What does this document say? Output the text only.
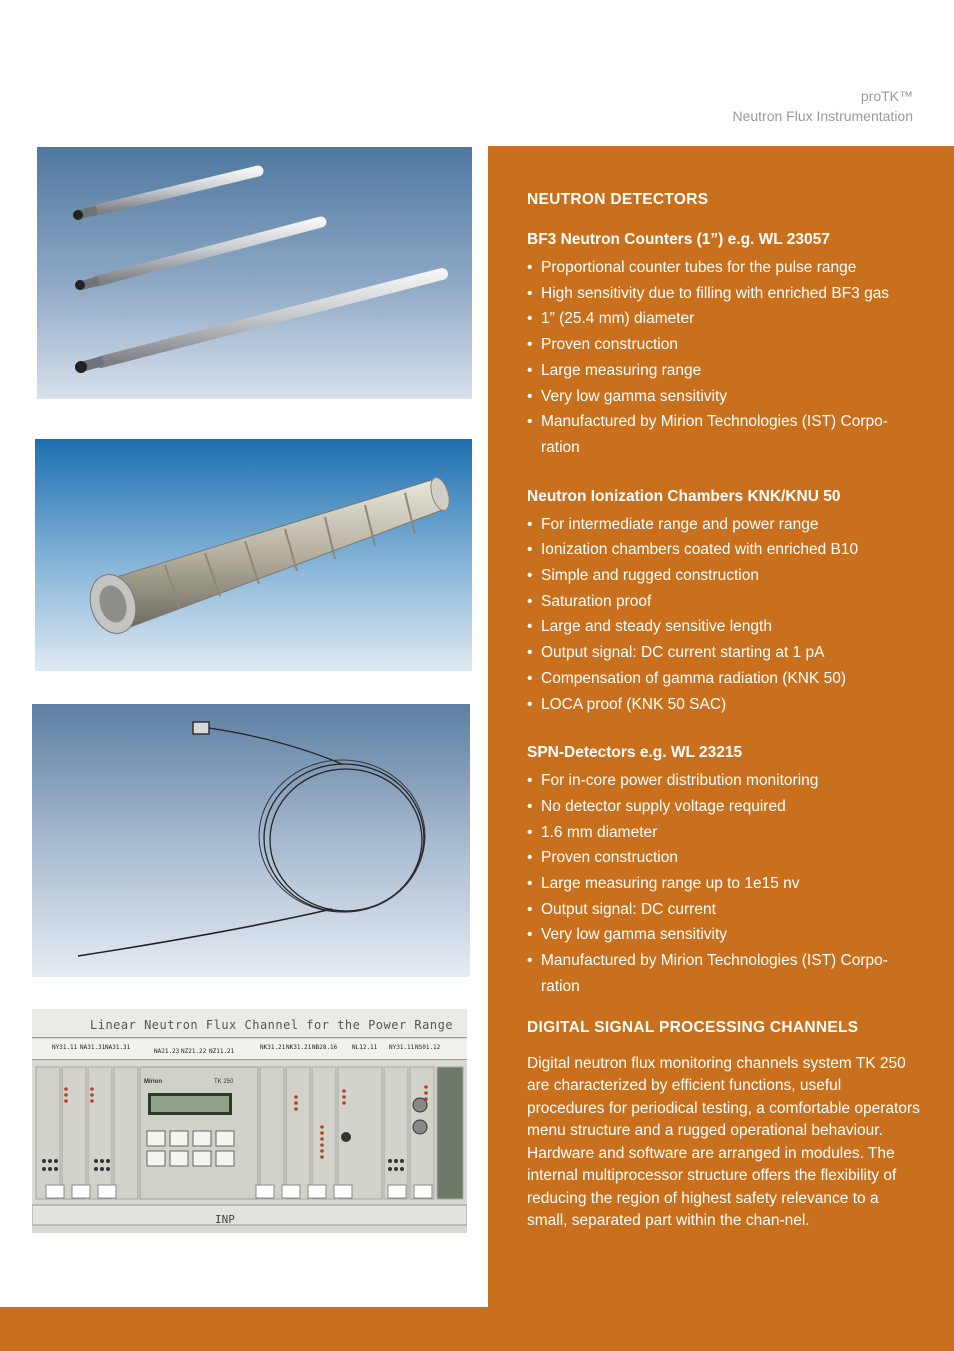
proTK™
Neutron Flux Instrumentation
Linear Neutron Flux Channel for the Power Range
NY31.11 NA31.31 NA31.31
NA21.23 NZ21.22 NZ11.21
NK31.21 NK31.21 NB28.16 NL12.11 NY31.11 NS01.12
Mirion	TK 250
INP
NEUTRON DETECTORS
BF3 Neutron Counters (1”) e.g. WL 23057
• Proportional counter tubes for the pulse range
• High sensitivity due to filling with enriched BF3 gas
• 1” (25.4 mm) diameter
• Proven construction
• Large measuring range
• Very low gamma sensitivity
• Manufactured by Mirion Technologies (IST) Corpo-ration
Neutron Ionization Chambers KNK/KNU 50
• For intermediate range and power range
• Ionization chambers coated with enriched B10
• Simple and rugged construction
• Saturation proof
• Large and steady sensitive length
• Output signal: DC current starting at 1 pA
• Compensation of gamma radiation (KNK 50)
• LOCA proof (KNK 50 SAC)
SPN-Detectors e.g. WL 23215
• For in-core power distribution monitoring
• No detector supply voltage required
• 1.6 mm diameter
• Proven construction
• Large measuring range up to 1e15 nv
• Output signal: DC current
• Very low gamma sensitivity
• Manufactured by Mirion Technologies (IST) Corpo-ration
DIGITAL SIGNAL PROCESSING CHANNELS

Digital neutron flux monitoring channels system TK 250 are characterized by efficient functions, useful procedures for periodical testing, a comfortable operators menu structure and a rugged operational behaviour. Hardware and software are arranged in modules. The internal multiprocessor structure offers the flexibility of reducing the region of highest safety relevance to a small, separated part within the chan-nel.
